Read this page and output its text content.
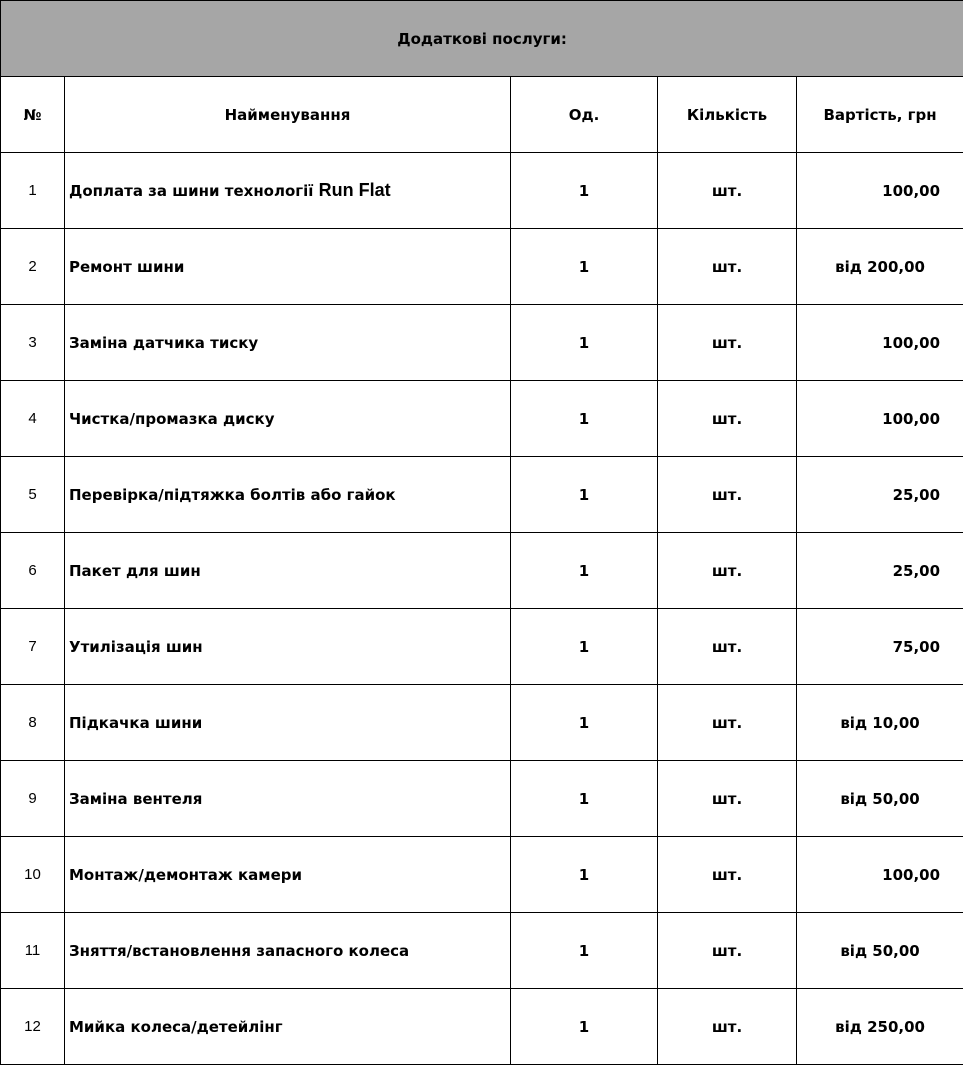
Додаткові послуги:				
№	Найменування	Од.	Кількість	Вартість, грн
1	Доплата за шини технології Run Flat	1	шт.	100,00
2	Ремонт шини	1	шт.	від 200,00
3	Заміна датчика тиску	1	шт.	100,00
4	Чистка/промазка диску	1	шт.	100,00
5	Перевірка/підтяжка болтів або гайок	1	шт.	25,00
6	Пакет для шин	1	шт.	25,00
7	Утилізація шин	1	шт.	75,00
8	Підкачка шини	1	шт.	від 10,00
9	Заміна вентеля	1	шт.	від 50,00
10	Монтаж/демонтаж камери	1	шт.	100,00
11	Зняття/встановлення запасного колеса	1	шт.	від 50,00
12	Мийка колеса/детейлінг	1	шт.	від 250,00
